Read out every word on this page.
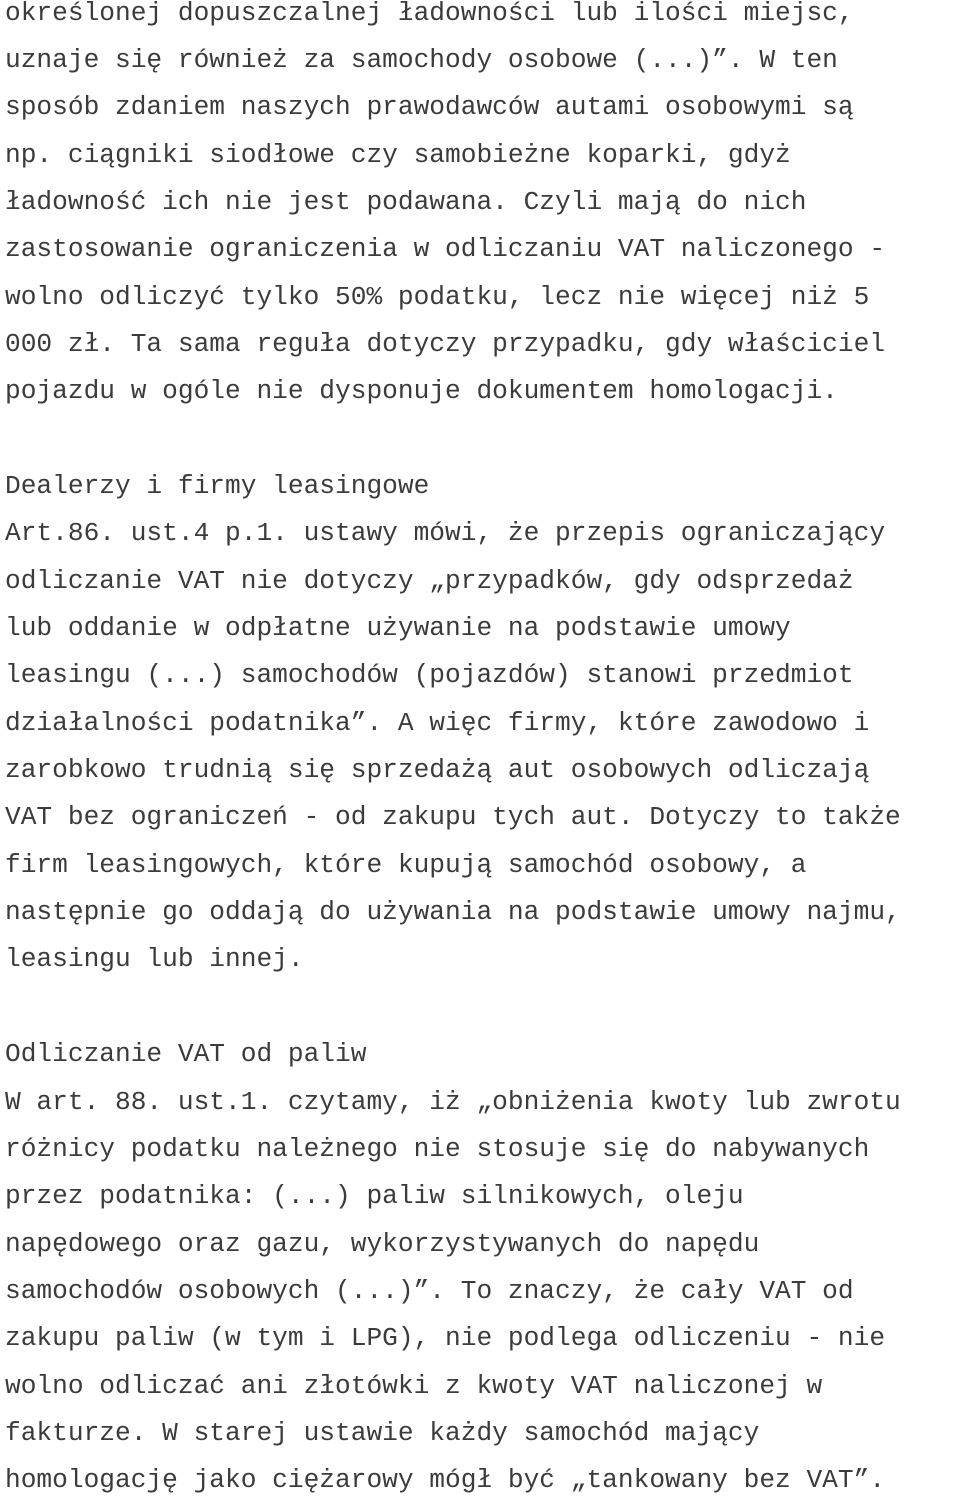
określonej dopuszczalnej ładowności lub ilości miejsc,

uznaje się również za samochody osobowe (...)”. W ten

sposób zdaniem naszych prawodawców autami osobowymi są

np. ciągniki siodłowe czy samobieżne koparki, gdyż

ładowność ich nie jest podawana. Czyli mają do nich

zastosowanie ograniczenia w odliczaniu VAT naliczonego -

wolno odliczyć tylko 50% podatku, lecz nie więcej niż 5

000 zł. Ta sama reguła dotyczy przypadku, gdy właściciel

pojazdu w ogóle nie dysponuje dokumentem homologacji.

Dealerzy i firmy leasingowe

Art.86. ust.4 p.1. ustawy mówi, że przepis ograniczający

odliczanie VAT nie dotyczy „przypadków, gdy odsprzedaż

lub oddanie w odpłatne używanie na podstawie umowy

leasingu (...) samochodów (pojazdów) stanowi przedmiot

działalności podatnika”. A więc firmy, które zawodowo i

zarobkowo trudnią się sprzedażą aut osobowych odliczają

VAT bez ograniczeń - od zakupu tych aut. Dotyczy to także

firm leasingowych, które kupują samochód osobowy, a

następnie go oddają do używania na podstawie umowy najmu,

leasingu lub innej.

Odliczanie VAT od paliw

W art. 88. ust.1. czytamy, iż „obniżenia kwoty lub zwrotu

różnicy podatku należnego nie stosuje się do nabywanych

przez podatnika: (...) paliw silnikowych, oleju

napędowego oraz gazu, wykorzystywanych do napędu

samochodów osobowych (...)”. To znaczy, że cały VAT od

zakupu paliw (w tym i LPG), nie podlega odliczeniu - nie

wolno odliczać ani złotówki z kwoty VAT naliczonej w

fakturze. W starej ustawie każdy samochód mający

homologację jako ciężarowy mógł być „tankowany bez VAT”.
